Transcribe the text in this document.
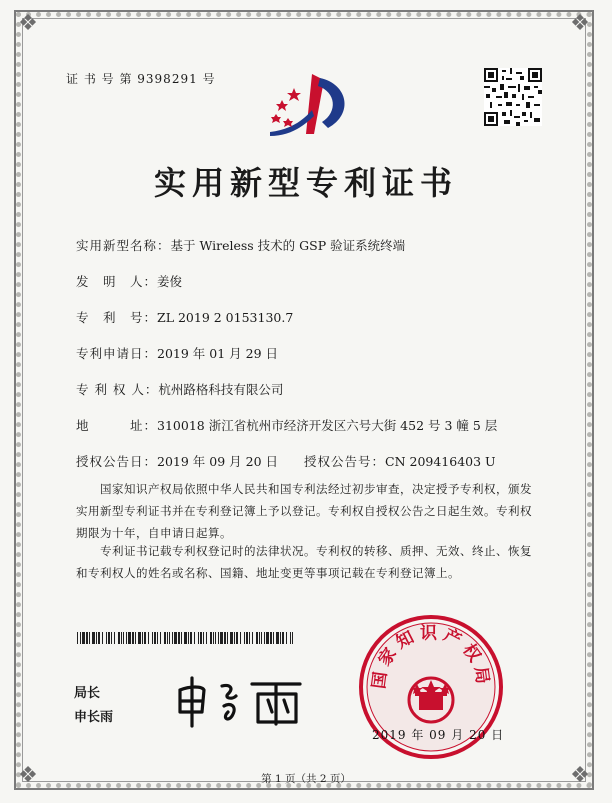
❖	❖
❖	❖
证 书 号 第 9398291 号
实用新型专利证书
实用新型名称：基于 Wireless 技术的 GSP 验证系统终端
发　明　人：姜俊
专　利　号：ZL 2019 2 0153130.7
专利申请日：2019 年 01 月 29 日
专 利 权 人：杭州路格科技有限公司
地　　　址：310018 浙江省杭州市经济开发区六号大街 452 号 3 幢 5 层
授权公告日：2019 年 09 月 20 日 授权公告号：CN 209416403 U
国家知识产权局依照中华人民共和国专利法经过初步审查，决定授予专利权，颁发实用新型专利证书并在专利登记簿上予以登记。专利权自授权公告之日起生效。专利权期限为十年，自申请日起算。
专利证书记载专利权登记时的法律状况。专利权的转移、质押、无效、终止、恢复和专利权人的姓名或名称、国籍、地址变更等事项记载在专利登记簿上。
局长
申长雨
国家知识产权局
2019 年 09 月 20 日
第 1 页（共 2 页）
